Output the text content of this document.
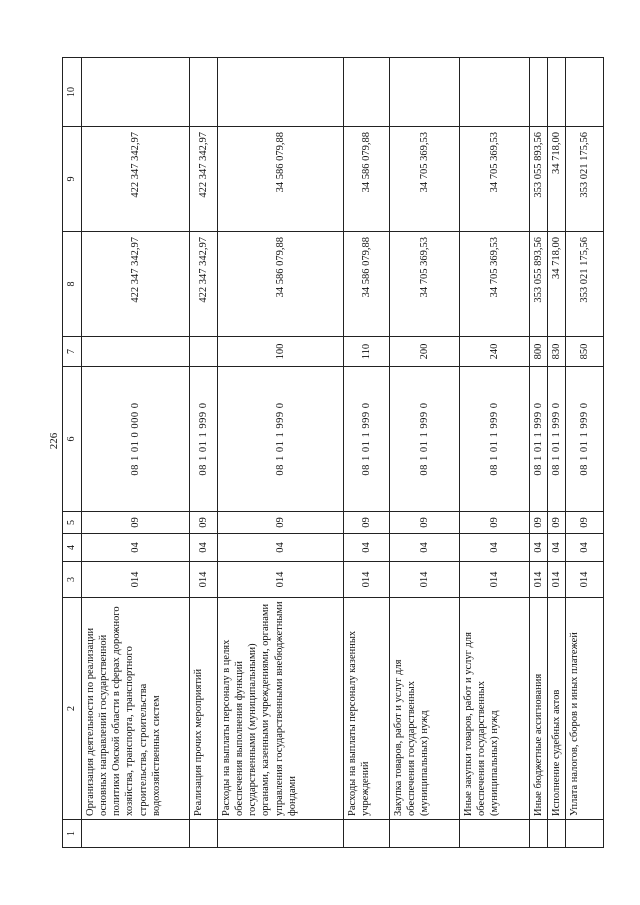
226
1	2	3	4	5	6	7	8	9	10
	Организация деятельности по реализации основных направлений государственной политики Омской области в сферах дорожного хозяйства, транспорта, транспортного строительства, строительства водохозяйственных систем	014	04	09	08 1 01 0 000 0		422 347 342,97	422 347 342,97	
	Реализация прочих мероприятий	014	04	09	08 1 01 1 999 0		422 347 342,97	422 347 342,97	
	Расходы на выплаты персоналу в целях обеспечения выполнения функций государственными (муниципальными) органами, казенными учреждениями, органами управления государственными внебюджетными фондами	014	04	09	08 1 01 1 999 0	100	34 586 079,88	34 586 079,88	
	Расходы на выплаты персоналу казенных учреждений	014	04	09	08 1 01 1 999 0	110	34 586 079,88	34 586 079,88	
	Закупка товаров, работ и услуг для обеспечения государственных (муниципальных) нужд	014	04	09	08 1 01 1 999 0	200	34 705 369,53	34 705 369,53	
	Иные закупки товаров, работ и услуг для обеспечения государственных (муниципальных) нужд	014	04	09	08 1 01 1 999 0	240	34 705 369,53	34 705 369,53	
	Иные бюджетные ассигнования	014	04	09	08 1 01 1 999 0	800	353 055 893,56	353 055 893,56	
	Исполнение судебных актов	014	04	09	08 1 01 1 999 0	830	34 718,00	34 718,00	
	Уплата налогов, сборов и иных платежей	014	04	09	08 1 01 1 999 0	850	353 021 175,56	353 021 175,56	
